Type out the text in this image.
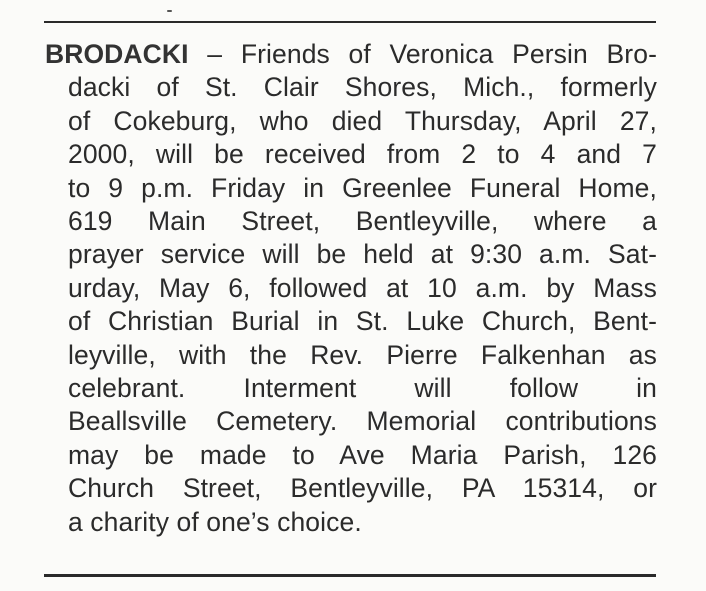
BRODACKI – Friends of Veronica Persin Bro-
dacki of St. Clair Shores, Mich., formerly
of Cokeburg, who died Thursday, April 27,
2000, will be received from 2 to 4 and 7
to 9 p.m. Friday in Greenlee Funeral Home,
619 Main Street, Bentleyville, where a
prayer service will be held at 9:30 a.m. Sat-
urday, May 6, followed at 10 a.m. by Mass
of Christian Burial in St. Luke Church, Bent-
leyville, with the Rev. Pierre Falkenhan as
celebrant. Interment will follow in
Beallsville Cemetery. Memorial contributions
may be made to Ave Maria Parish, 126
Church Street, Bentleyville, PA 15314, or
a charity of one’s choice.
